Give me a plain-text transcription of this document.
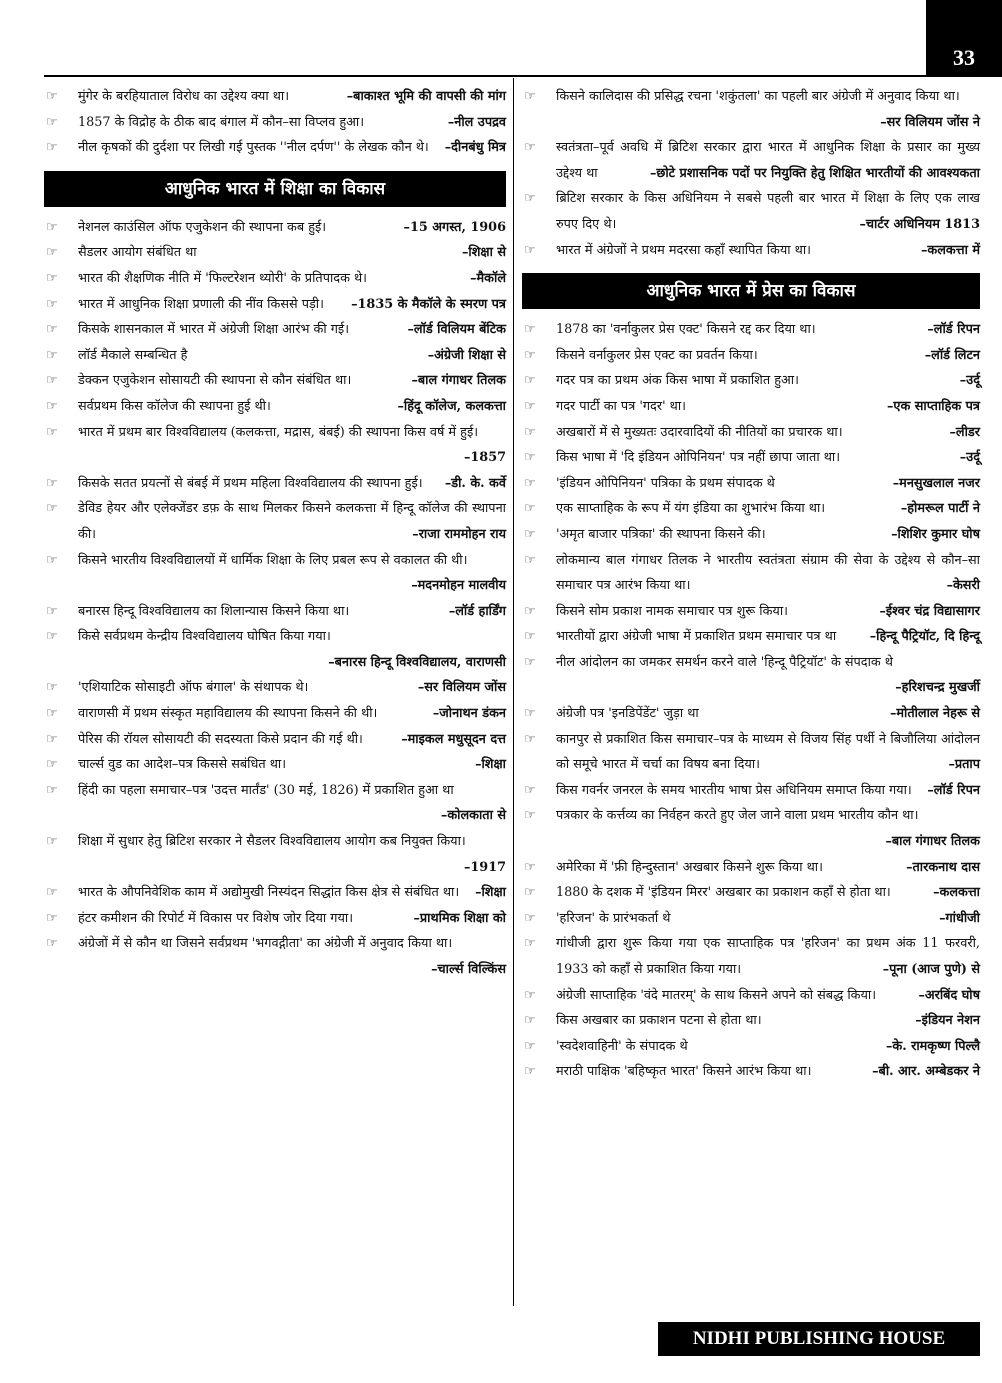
33
☞ मुंगेर के बरहियाताल विरोध का उद्देश्य क्या था।	–बाकाश्त भूमि की वापसी की मांग
☞ 1857 के विद्रोह के ठीक बाद बंगाल में कौन–सा विप्लव हुआ।	–नील उपद्रव
☞ नील कृषकों की दुर्दशा पर लिखी गई पुस्तक ''नील दर्पण'' के लेखक कौन थे।	–दीनबंधु मित्र
आधुनिक भारत में शिक्षा का विकास
☞ नेशनल काउंसिल ऑफ एजुकेशन की स्थापना कब हुई।	–15 अगस्त, 1906
☞ सैडलर आयोग संबंधित था	–शिक्षा से
☞ भारत की शैक्षणिक नीति में 'फिल्टरेशन थ्योरी' के प्रतिपादक थे।	–मैकॉले
☞ भारत में आधुनिक शिक्षा प्रणाली की नींव किससे पड़ी।	–1835 के मैकॉले के स्मरण पत्र
☞ किसके शासनकाल में भारत में अंग्रेजी शिक्षा आरंभ की गई।	–लॉर्ड विलियम बेंटिक
☞ लॉर्ड मैकाले सम्बन्धित है	–अंग्रेजी शिक्षा से
☞ डेक्कन एजुकेशन सोसायटी की स्थापना से कौन संबंधित था।	–बाल गंगाधर तिलक
☞ सर्वप्रथम किस कॉलेज की स्थापना हुई थी।	–हिंदू कॉलेज, कलकत्ता
☞ भारत में प्रथम बार विश्वविद्यालय (कलकत्ता, मद्रास, बंबई) की स्थापना किस वर्ष में हुई।
–1857
☞ किसके सतत प्रयत्नों से बंबई में प्रथम महिला विश्वविद्यालय की स्थापना हुई।	–डी. के. कर्वे
☞ डेविड हेयर और एलेक्जेंडर डफ़ के साथ मिलकर किसने कलकत्ता में हिन्दू कॉलेज की स्थापना की।	–राजा राममोहन राय
☞ किसने भारतीय विश्वविद्यालयों में धार्मिक शिक्षा के लिए प्रबल रूप से वकालत की थी।
–मदनमोहन मालवीय
☞ बनारस हिन्दू विश्वविद्यालय का शिलान्यास किसने किया था।	–लॉर्ड हार्डिंग
☞ किसे सर्वप्रथम केन्द्रीय विश्वविद्यालय घोषित किया गया।
–बनारस हिन्दू विश्वविद्यालय, वाराणसी
☞ 'एशियाटिक सोसाइटी ऑफ बंगाल' के संथापक थे।	–सर विलियम जोंस
☞ वाराणसी में प्रथम संस्कृत महाविद्यालय की स्थापना किसने की थी।	–जोनाथन डंकन
☞ पेरिस की रॉयल सोसायटी की सदस्यता किसे प्रदान की गई थी।	–माइकल मधुसूदन दत्त
☞ चार्ल्स वुड का आदेश–पत्र किससे सबंधित था।	–शिक्षा
☞ हिंदी का पहला समाचार–पत्र 'उदत्त मार्तंड' (30 मई, 1826) में प्रकाशित हुआ था
–कोलकाता से
☞ शिक्षा में सुधार हेतु ब्रिटिश सरकार ने सैडलर विश्वविद्यालय आयोग कब नियुक्त किया।
–1917
☞ भारत के औपनिवेशिक काम में अद्योमुखी निस्यंदन सिद्धांत किस क्षेत्र से संबंधित था।	–शिक्षा
☞ हंटर कमीशन की रिपोर्ट में विकास पर विशेष जोर दिया गया।	–प्राथमिक शिक्षा को
☞ अंग्रेजों में से कौन था जिसने सर्वप्रथम 'भगवद्गीता' का अंग्रेजी में अनुवाद किया था।
–चार्ल्स विल्किंस
☞ किसने कालिदास की प्रसिद्ध रचना 'शकुंतला' का पहली बार अंग्रेजी में अनुवाद किया था।
–सर विलियम जोंस ने
☞ स्वतंत्रता–पूर्व अवधि में ब्रिटिश सरकार द्वारा भारत में आधुनिक शिक्षा के प्रसार का मुख्य उद्देश्य था	–छोटे प्रशासनिक पदों पर नियुक्ति हेतु शिक्षित भारतीयों की आवश्यकता
☞ ब्रिटिश सरकार के किस अधिनियम ने सबसे पहली बार भारत में शिक्षा के लिए एक लाख रुपए दिए थे।	–चार्टर अधिनियम 1813
☞ भारत में अंग्रेजों ने प्रथम मदरसा कहाँ स्थापित किया था।	–कलकत्ता में
आधुनिक भारत में प्रेस का विकास
☞ 1878 का 'वर्नाकुलर प्रेस एक्ट' किसने रद्द कर दिया था।	–लॉर्ड रिपन
☞ किसने वर्नाकुलर प्रेस एक्ट का प्रवर्तन किया।	–लॉर्ड लिटन
☞ गदर पत्र का प्रथम अंक किस भाषा में प्रकाशित हुआ।	–उर्दू
☞ गदर पार्टी का पत्र 'गदर' था।	–एक साप्ताहिक पत्र
☞ अखबारों में से मुख्यतः उदारवादियों की नीतियों का प्रचारक था।	–लीडर
☞ किस भाषा में 'दि इंडियन ओपिनियन' पत्र नहीं छापा जाता था।	–उर्दू
☞ 'इंडियन ओपिनियन' पत्रिका के प्रथम संपादक थे	–मनसुखलाल नजर
☞ एक साप्ताहिक के रूप में यंग इंडिया का शुभारंभ किया था।	–होमरूल पार्टी ने
☞ 'अमृत बाजार पत्रिका' की स्थापना किसने की।	–शिशिर कुमार घोष
☞ लोकमान्य बाल गंगाधर तिलक ने भारतीय स्वतंत्रता संग्राम की सेवा के उद्देश्य से कौन–सा समाचार पत्र आरंभ किया था।	–केसरी
☞ किसने सोम प्रकाश नामक समाचार पत्र शुरू किया।	–ईश्वर चंद्र विद्यासागर
☞ भारतीयों द्वारा अंग्रेजी भाषा में प्रकाशित प्रथम समाचार पत्र था	–हिन्दू पैट्रियॉट, दि हिन्दू
☞ नील आंदोलन का जमकर समर्थन करने वाले 'हिन्दू पैट्रियॉट' के संपदाक थे
–हरिशचन्द्र मुखर्जी
☞ अंग्रेजी पत्र 'इनडिपेंडेंट' जुड़ा था	–मोतीलाल नेहरू से
☞ कानपुर से प्रकाशित किस समाचार–पत्र के माध्यम से विजय सिंह पर्थी ने बिजौलिया आंदोलन को समूचे भारत में चर्चा का विषय बना दिया।	–प्रताप
☞ किस गवर्नर जनरल के समय भारतीय भाषा प्रेस अधिनियम समाप्त किया गया।	–लॉर्ड रिपन
☞ पत्रकार के कर्त्तव्य का निर्वहन करते हुए जेल जाने वाला प्रथम भारतीय कौन था।
–बाल गंगाधर तिलक
☞ अमेरिका में 'फ्री हिन्दुस्तान' अखबार किसने शुरू किया था।	–तारकनाथ दास
☞ 1880 के दशक में 'इंडियन मिरर' अखबार का प्रकाशन कहाँ से होता था।	–कलकत्ता
☞ 'हरिजन' के प्रारंभकर्ता थे	–गांधीजी
☞ गांधीजी द्वारा शुरू किया गया एक साप्ताहिक पत्र 'हरिजन' का प्रथम अंक 11 फरवरी, 1933 को कहाँ से प्रकाशित किया गया।	–पूना (आज पुणे) से
☞ अंग्रेजी साप्ताहिक 'वंदे मातरम्' के साथ किसने अपने को संबद्ध किया।	–अरबिंद घोष
☞ किस अखबार का प्रकाशन पटना से होता था।	–इंडियन नेशन
☞ 'स्वदेशवाहिनी' के संपादक थे	–के. रामकृष्ण पिल्लै
☞ मराठी पाक्षिक 'बहिष्कृत भारत' किसने आरंभ किया था।	–बी. आर. अम्बेडकर ने
NIDHI PUBLISHING HOUSE
